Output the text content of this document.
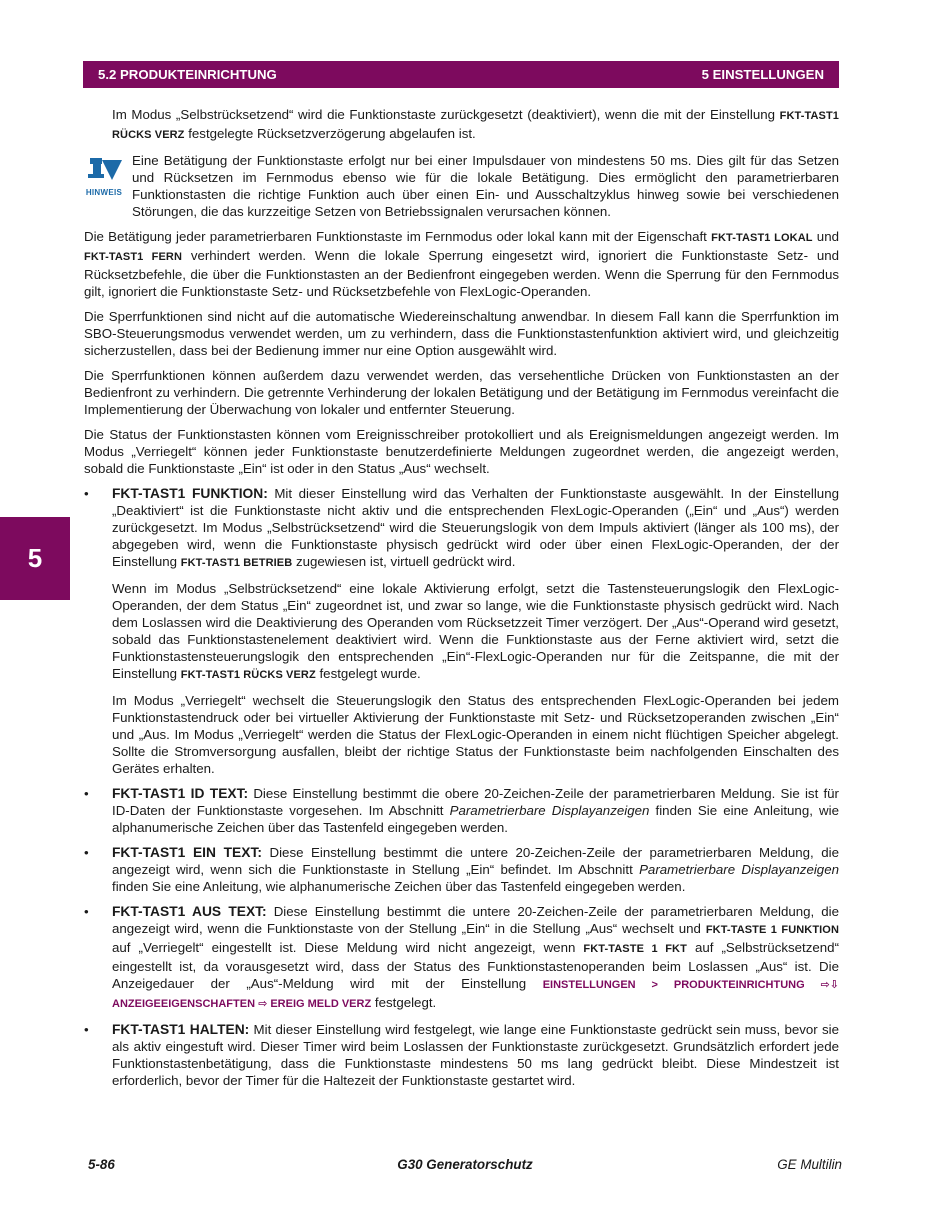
5.2 PRODUKTEINRICHTUNG	5 EINSTELLUNGEN
5

Im Modus „Selbstrücksetzend“ wird die Funktionstaste zurückgesetzt (deaktiviert), wenn die mit der Einstellung FKT-TAST1 RÜCKS VERZ festgelegte Rücksetzverzögerung abgelaufen ist.

HINWEIS
Eine Betätigung der Funktionstaste erfolgt nur bei einer Impulsdauer von mindestens 50 ms. Dies gilt für das Setzen und Rücksetzen im Fernmodus ebenso wie für die lokale Betätigung. Dies ermöglicht den parametrierbaren Funktionstasten die richtige Funktion auch über einen Ein- und Ausschaltzyklus hinweg sowie bei verschiedenen Störungen, die das kurzzeitige Setzen von Betriebssignalen verursachen können.

Die Betätigung jeder parametrierbaren Funktionstaste im Fernmodus oder lokal kann mit der Eigenschaft FKT-TAST1 LOKAL und FKT-TAST1 FERN verhindert werden. Wenn die lokale Sperrung eingesetzt wird, ignoriert die Funktionstaste Setz- und Rücksetzbefehle, die über die Funktionstasten an der Bedienfront eingegeben werden. Wenn die Sperrung für den Fernmodus gilt, ignoriert die Funktionstaste Setz- und Rücksetzbefehle von FlexLogic-Operanden.

Die Sperrfunktionen sind nicht auf die automatische Wiedereinschaltung anwendbar. In diesem Fall kann die Sperrfunktion im SBO-Steuerungsmodus verwendet werden, um zu verhindern, dass die Funktionstastenfunktion aktiviert wird, und gleichzeitig sicherzustellen, dass bei der Bedienung immer nur eine Option ausgewählt wird.

Die Sperrfunktionen können außerdem dazu verwendet werden, das versehentliche Drücken von Funktionstasten an der Bedienfront zu verhindern. Die getrennte Verhinderung der lokalen Betätigung und der Betätigung im Fernmodus vereinfacht die Implementierung der Überwachung von lokaler und entfernter Steuerung.

Die Status der Funktionstasten können vom Ereignisschreiber protokolliert und als Ereignismeldungen angezeigt werden. Im Modus „Verriegelt“ können jeder Funktionstaste benutzerdefinierte Meldungen zugeordnet werden, die angezeigt werden, sobald die Funktionstaste „Ein“ ist oder in den Status „Aus“ wechselt.

• FKT-TAST1 FUNKTION: Mit dieser Einstellung wird das Verhalten der Funktionstaste ausgewählt. In der Einstellung „Deaktiviert“ ist die Funktionstaste nicht aktiv und die entsprechenden FlexLogic-Operanden („Ein“ und „Aus“) werden zurückgesetzt. Im Modus „Selbstrücksetzend“ wird die Steuerungslogik von dem Impuls aktiviert (länger als 100 ms), der abgegeben wird, wenn die Funktionstaste physisch gedrückt wird oder über einen FlexLogic-Operanden, der der Einstellung FKT-TAST1 BETRIEB zugewiesen ist, virtuell gedrückt wird.

Wenn im Modus „Selbstrücksetzend“ eine lokale Aktivierung erfolgt, setzt die Tastensteuerungslogik den FlexLogic-Operanden, der dem Status „Ein“ zugeordnet ist, und zwar so lange, wie die Funktionstaste physisch gedrückt wird. Nach dem Loslassen wird die Deaktivierung des Operanden vom Rücksetzzeit Timer verzögert. Der „Aus“-Operand wird gesetzt, sobald das Funktionstastenelement deaktiviert wird. Wenn die Funktionstaste aus der Ferne aktiviert wird, setzt die Funktionstastensteuerungslogik den entsprechenden „Ein“-FlexLogic-Operanden nur für die Zeitspanne, die mit der Einstellung FKT-TAST1 RÜCKS VERZ festgelegt wurde.

Im Modus „Verriegelt“ wechselt die Steuerungslogik den Status des entsprechenden FlexLogic-Operanden bei jedem Funktionstastendruck oder bei virtueller Aktivierung der Funktionstaste mit Setz- und Rücksetzoperanden zwischen „Ein“ und „Aus. Im Modus „Verriegelt“ werden die Status der FlexLogic-Operanden in einem nicht flüchtigen Speicher abgelegt. Sollte die Stromversorgung ausfallen, bleibt der richtige Status der Funktionstaste beim nachfolgenden Einschalten des Gerätes erhalten.

• FKT-TAST1 ID TEXT: Diese Einstellung bestimmt die obere 20-Zeichen-Zeile der parametrierbaren Meldung. Sie ist für ID-Daten der Funktionstaste vorgesehen. Im Abschnitt Parametrierbare Displayanzeigen finden Sie eine Anleitung, wie alphanumerische Zeichen über das Tastenfeld eingegeben werden.
• FKT-TAST1 EIN TEXT: Diese Einstellung bestimmt die untere 20-Zeichen-Zeile der parametrierbaren Meldung, die angezeigt wird, wenn sich die Funktionstaste in Stellung „Ein“ befindet. Im Abschnitt Parametrierbare Displayanzeigen finden Sie eine Anleitung, wie alphanumerische Zeichen über das Tastenfeld eingegeben werden.
• FKT-TAST1 AUS TEXT: Diese Einstellung bestimmt die untere 20-Zeichen-Zeile der parametrierbaren Meldung, die angezeigt wird, wenn die Funktionstaste von der Stellung „Ein“ in die Stellung „Aus“ wechselt und FKT-TASTE 1 FUNKTION auf „Verriegelt“ eingestellt ist. Diese Meldung wird nicht angezeigt, wenn FKT-TASTE 1 FKT auf „Selbstrücksetzend“ eingestellt ist, da vorausgesetzt wird, dass der Status des Funktionstastenoperanden beim Loslassen „Aus“ ist. Die Anzeigedauer der „Aus“-Meldung wird mit der Einstellung EINSTELLUNGEN > PRODUKTEINRICHTUNG ⇨⇩ ANZEIGEEIGENSCHAFTEN ⇨ EREIG MELD VERZ festgelegt.
• FKT-TAST1 HALTEN: Mit dieser Einstellung wird festgelegt, wie lange eine Funktionstaste gedrückt sein muss, bevor sie als aktiv eingestuft wird. Dieser Timer wird beim Loslassen der Funktionstaste zurückgesetzt. Grundsätzlich erfordert jede Funktionstastenbetätigung, dass die Funktionstaste mindestens 50 ms lang gedrückt bleibt. Diese Mindestzeit ist erforderlich, bevor der Timer für die Haltezeit der Funktionstaste gestartet wird.
5-86	G30 Generatorschutz	GE Multilin
